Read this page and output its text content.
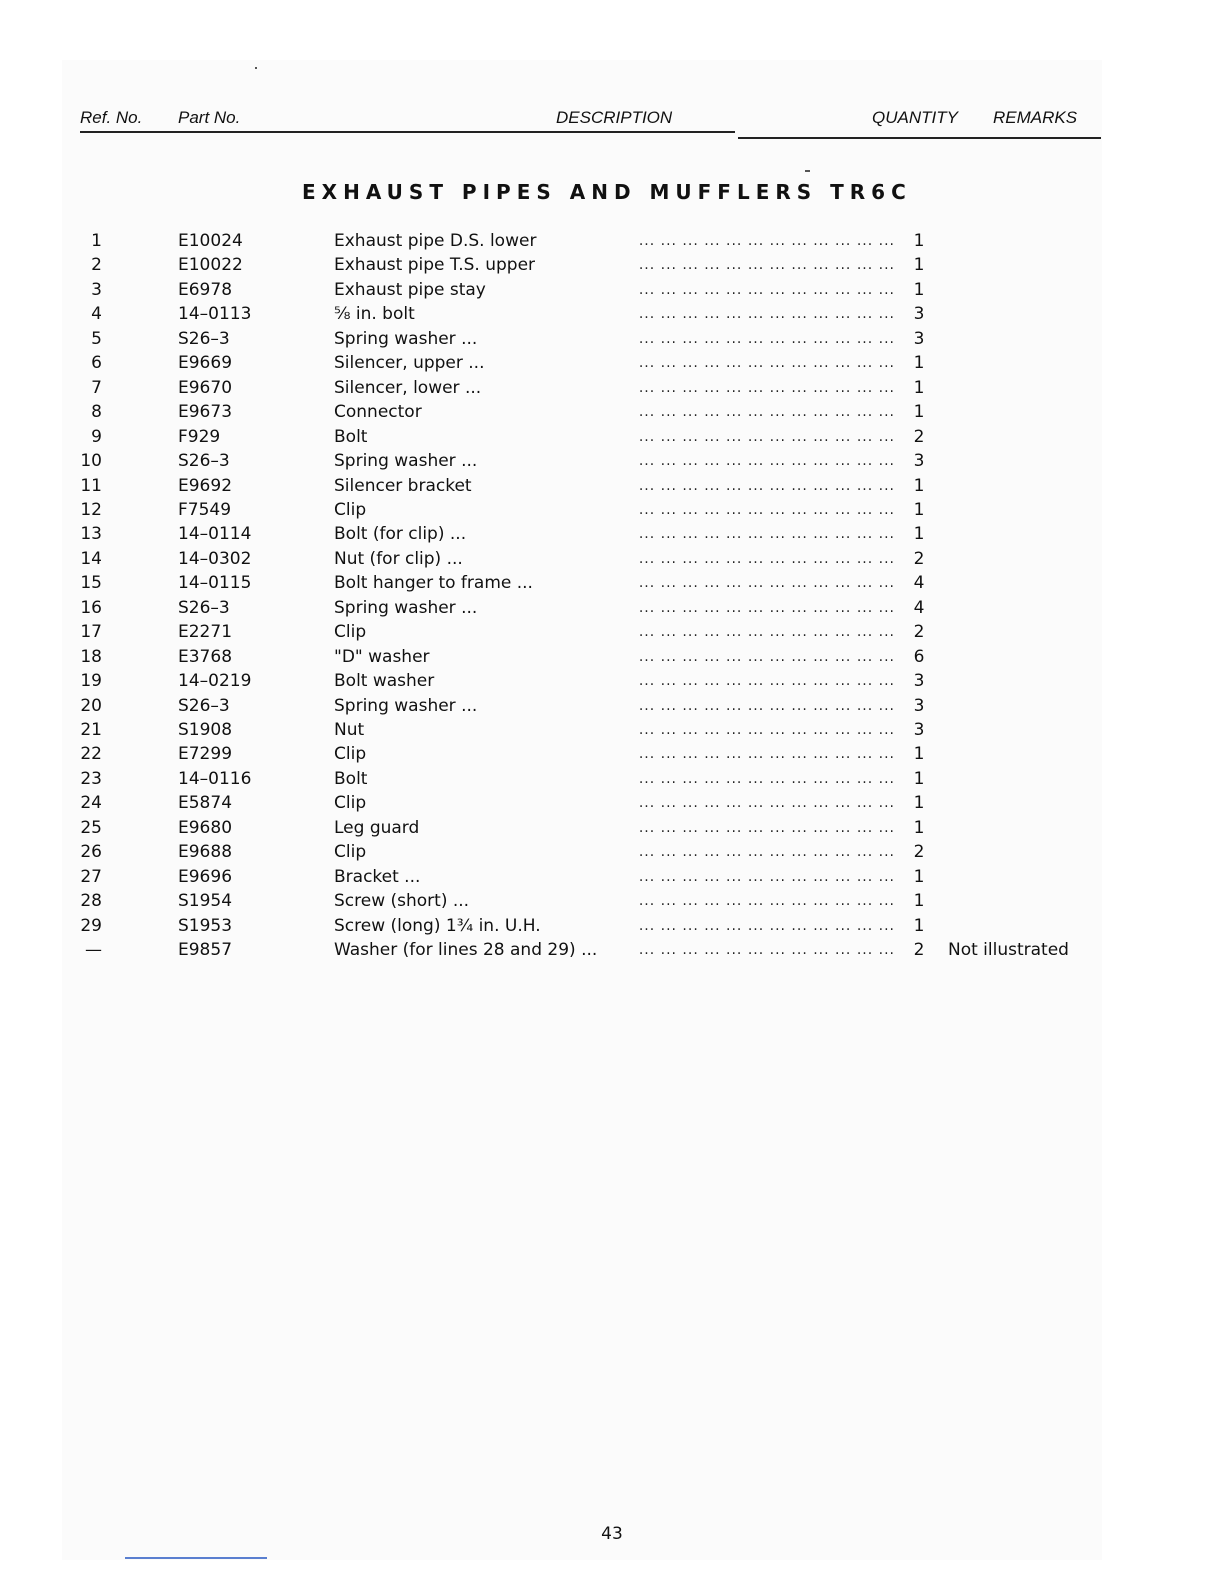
Ref. No. Part No.	DESCRIPTION	QUANTITY REMARKS
EXHAUST PIPES AND MUFFLERS TR6C
1	E10024	Exhaust pipe D.S. lower	1
... ... ... ... ... ... ... ... ... ... ... ...
2	E10022	Exhaust pipe T.S. upper	1
... ... ... ... ... ... ... ... ... ... ... ...
3	E6978	Exhaust pipe stay	1
... ... ... ... ... ... ... ... ... ... ... ...
4	14–0113	⅝ in. bolt	3
... ... ... ... ... ... ... ... ... ... ... ...
5	S26–3	Spring washer ...	3
... ... ... ... ... ... ... ... ... ... ... ...
6	E9669	Silencer, upper ...	1
... ... ... ... ... ... ... ... ... ... ... ...
7	E9670	Silencer, lower ...	1
... ... ... ... ... ... ... ... ... ... ... ...
8	E9673	Connector	1
... ... ... ... ... ... ... ... ... ... ... ...
9	F929	Bolt	2
... ... ... ... ... ... ... ... ... ... ... ...
10	S26–3	Spring washer ...	3
... ... ... ... ... ... ... ... ... ... ... ...
11	E9692	Silencer bracket	1
... ... ... ... ... ... ... ... ... ... ... ...
12	F7549	Clip	1
... ... ... ... ... ... ... ... ... ... ... ...
13	14–0114	Bolt (for clip) ...	1
... ... ... ... ... ... ... ... ... ... ... ...
14	14–0302	Nut (for clip) ...	2
... ... ... ... ... ... ... ... ... ... ... ...
15	14–0115	Bolt hanger to frame ...	4
... ... ... ... ... ... ... ... ... ... ... ...
16	S26–3	Spring washer ...	4
... ... ... ... ... ... ... ... ... ... ... ...
17	E2271	Clip	2
... ... ... ... ... ... ... ... ... ... ... ...
18	E3768	"D" washer	6
... ... ... ... ... ... ... ... ... ... ... ...
19	14–0219	Bolt washer	3
... ... ... ... ... ... ... ... ... ... ... ...
20	S26–3	Spring washer ...	3
... ... ... ... ... ... ... ... ... ... ... ...
21	S1908	Nut	3
... ... ... ... ... ... ... ... ... ... ... ...
22	E7299	Clip	1
... ... ... ... ... ... ... ... ... ... ... ...
23	14–0116	Bolt	1
... ... ... ... ... ... ... ... ... ... ... ...
24	E5874	Clip	1
... ... ... ... ... ... ... ... ... ... ... ...
25	E9680	Leg guard	1
... ... ... ... ... ... ... ... ... ... ... ...
26	E9688	Clip	2
... ... ... ... ... ... ... ... ... ... ... ...
27	E9696	Bracket ...	1
... ... ... ... ... ... ... ... ... ... ... ...
28	S1954	Screw (short) ...	1
... ... ... ... ... ... ... ... ... ... ... ...
29	S1953	Screw (long) 1¾ in. U.H.	1
... ... ... ... ... ... ... ... ... ... ... ...
—	E9857	Washer (for lines 28 and 29) ...	2	Not illustrated
... ... ... ... ... ... ... ... ... ... ... ...
43
